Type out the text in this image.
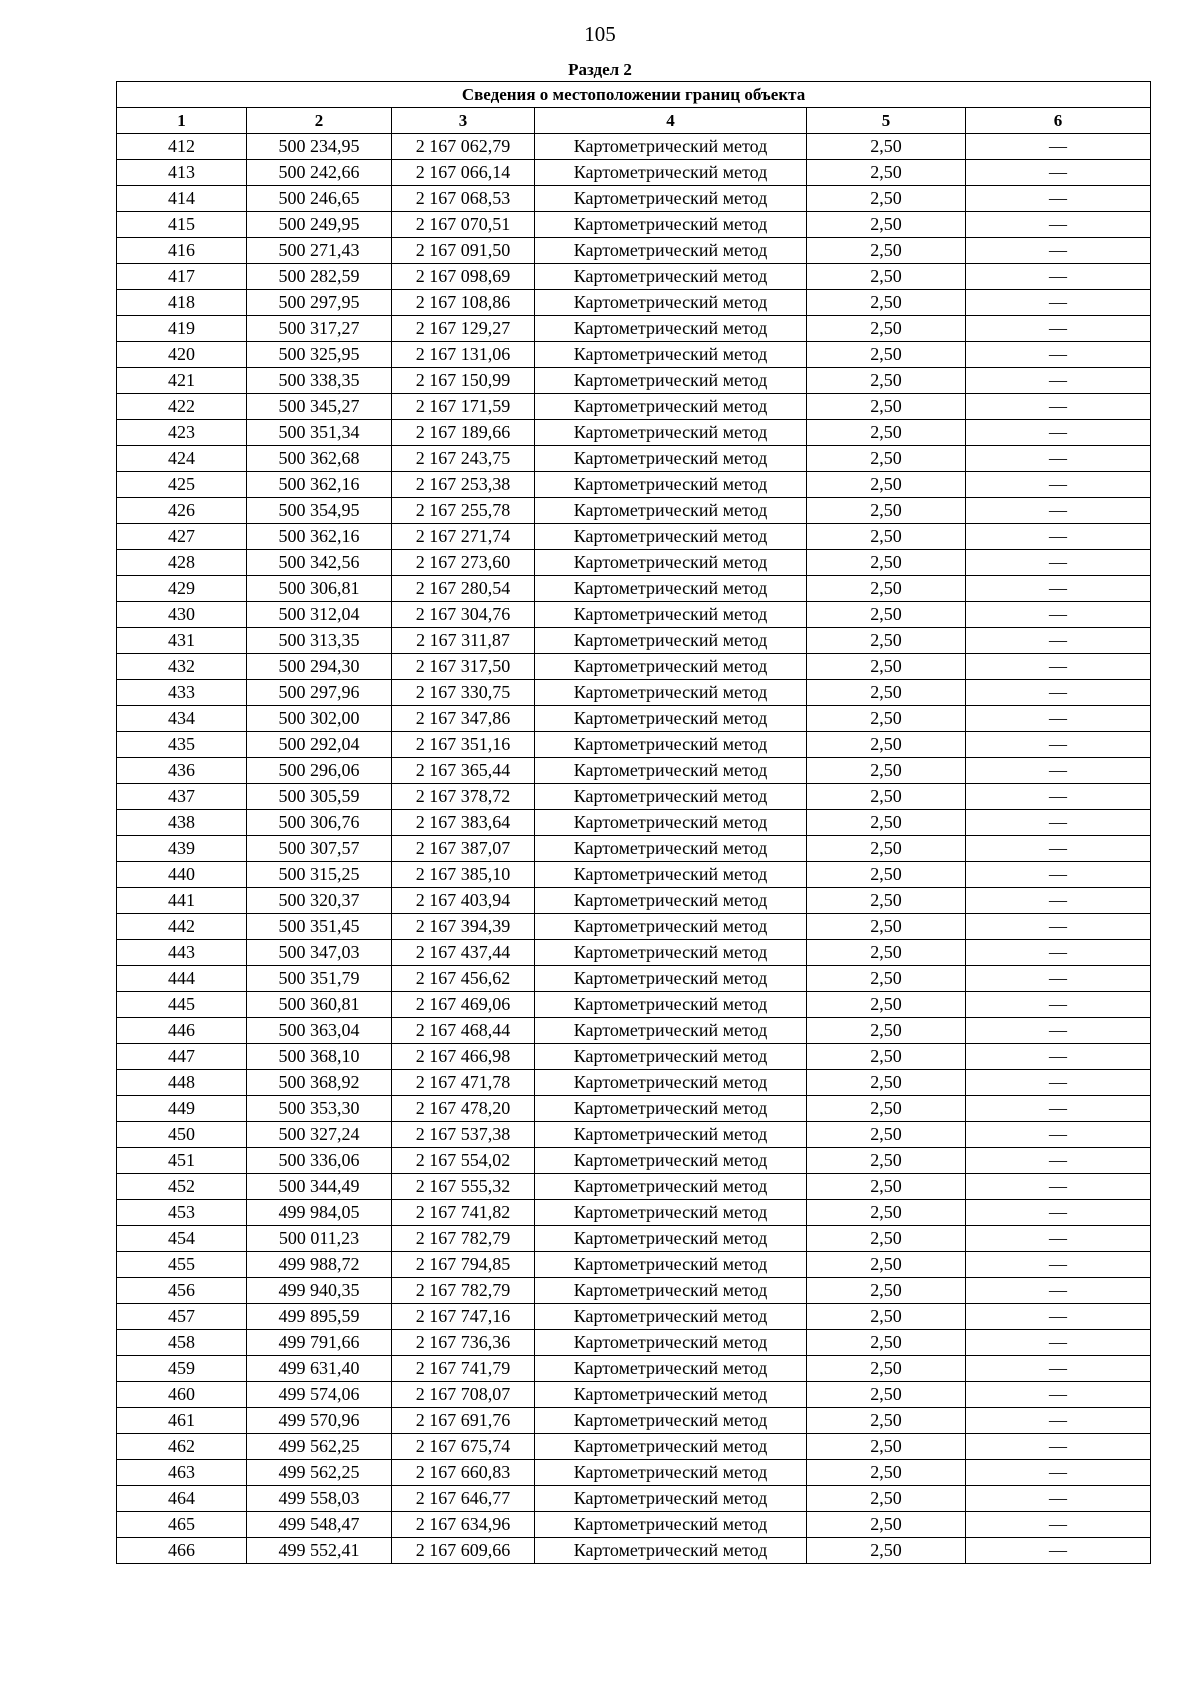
105
Раздел 2
Сведения о местоположении границ объекта					
1	2	3	4	5	6
412	500 234,95	2 167 062,79	Картометрический метод	2,50	—
413	500 242,66	2 167 066,14	Картометрический метод	2,50	—
414	500 246,65	2 167 068,53	Картометрический метод	2,50	—
415	500 249,95	2 167 070,51	Картометрический метод	2,50	—
416	500 271,43	2 167 091,50	Картометрический метод	2,50	—
417	500 282,59	2 167 098,69	Картометрический метод	2,50	—
418	500 297,95	2 167 108,86	Картометрический метод	2,50	—
419	500 317,27	2 167 129,27	Картометрический метод	2,50	—
420	500 325,95	2 167 131,06	Картометрический метод	2,50	—
421	500 338,35	2 167 150,99	Картометрический метод	2,50	—
422	500 345,27	2 167 171,59	Картометрический метод	2,50	—
423	500 351,34	2 167 189,66	Картометрический метод	2,50	—
424	500 362,68	2 167 243,75	Картометрический метод	2,50	—
425	500 362,16	2 167 253,38	Картометрический метод	2,50	—
426	500 354,95	2 167 255,78	Картометрический метод	2,50	—
427	500 362,16	2 167 271,74	Картометрический метод	2,50	—
428	500 342,56	2 167 273,60	Картометрический метод	2,50	—
429	500 306,81	2 167 280,54	Картометрический метод	2,50	—
430	500 312,04	2 167 304,76	Картометрический метод	2,50	—
431	500 313,35	2 167 311,87	Картометрический метод	2,50	—
432	500 294,30	2 167 317,50	Картометрический метод	2,50	—
433	500 297,96	2 167 330,75	Картометрический метод	2,50	—
434	500 302,00	2 167 347,86	Картометрический метод	2,50	—
435	500 292,04	2 167 351,16	Картометрический метод	2,50	—
436	500 296,06	2 167 365,44	Картометрический метод	2,50	—
437	500 305,59	2 167 378,72	Картометрический метод	2,50	—
438	500 306,76	2 167 383,64	Картометрический метод	2,50	—
439	500 307,57	2 167 387,07	Картометрический метод	2,50	—
440	500 315,25	2 167 385,10	Картометрический метод	2,50	—
441	500 320,37	2 167 403,94	Картометрический метод	2,50	—
442	500 351,45	2 167 394,39	Картометрический метод	2,50	—
443	500 347,03	2 167 437,44	Картометрический метод	2,50	—
444	500 351,79	2 167 456,62	Картометрический метод	2,50	—
445	500 360,81	2 167 469,06	Картометрический метод	2,50	—
446	500 363,04	2 167 468,44	Картометрический метод	2,50	—
447	500 368,10	2 167 466,98	Картометрический метод	2,50	—
448	500 368,92	2 167 471,78	Картометрический метод	2,50	—
449	500 353,30	2 167 478,20	Картометрический метод	2,50	—
450	500 327,24	2 167 537,38	Картометрический метод	2,50	—
451	500 336,06	2 167 554,02	Картометрический метод	2,50	—
452	500 344,49	2 167 555,32	Картометрический метод	2,50	—
453	499 984,05	2 167 741,82	Картометрический метод	2,50	—
454	500 011,23	2 167 782,79	Картометрический метод	2,50	—
455	499 988,72	2 167 794,85	Картометрический метод	2,50	—
456	499 940,35	2 167 782,79	Картометрический метод	2,50	—
457	499 895,59	2 167 747,16	Картометрический метод	2,50	—
458	499 791,66	2 167 736,36	Картометрический метод	2,50	—
459	499 631,40	2 167 741,79	Картометрический метод	2,50	—
460	499 574,06	2 167 708,07	Картометрический метод	2,50	—
461	499 570,96	2 167 691,76	Картометрический метод	2,50	—
462	499 562,25	2 167 675,74	Картометрический метод	2,50	—
463	499 562,25	2 167 660,83	Картометрический метод	2,50	—
464	499 558,03	2 167 646,77	Картометрический метод	2,50	—
465	499 548,47	2 167 634,96	Картометрический метод	2,50	—
466	499 552,41	2 167 609,66	Картометрический метод	2,50	—
